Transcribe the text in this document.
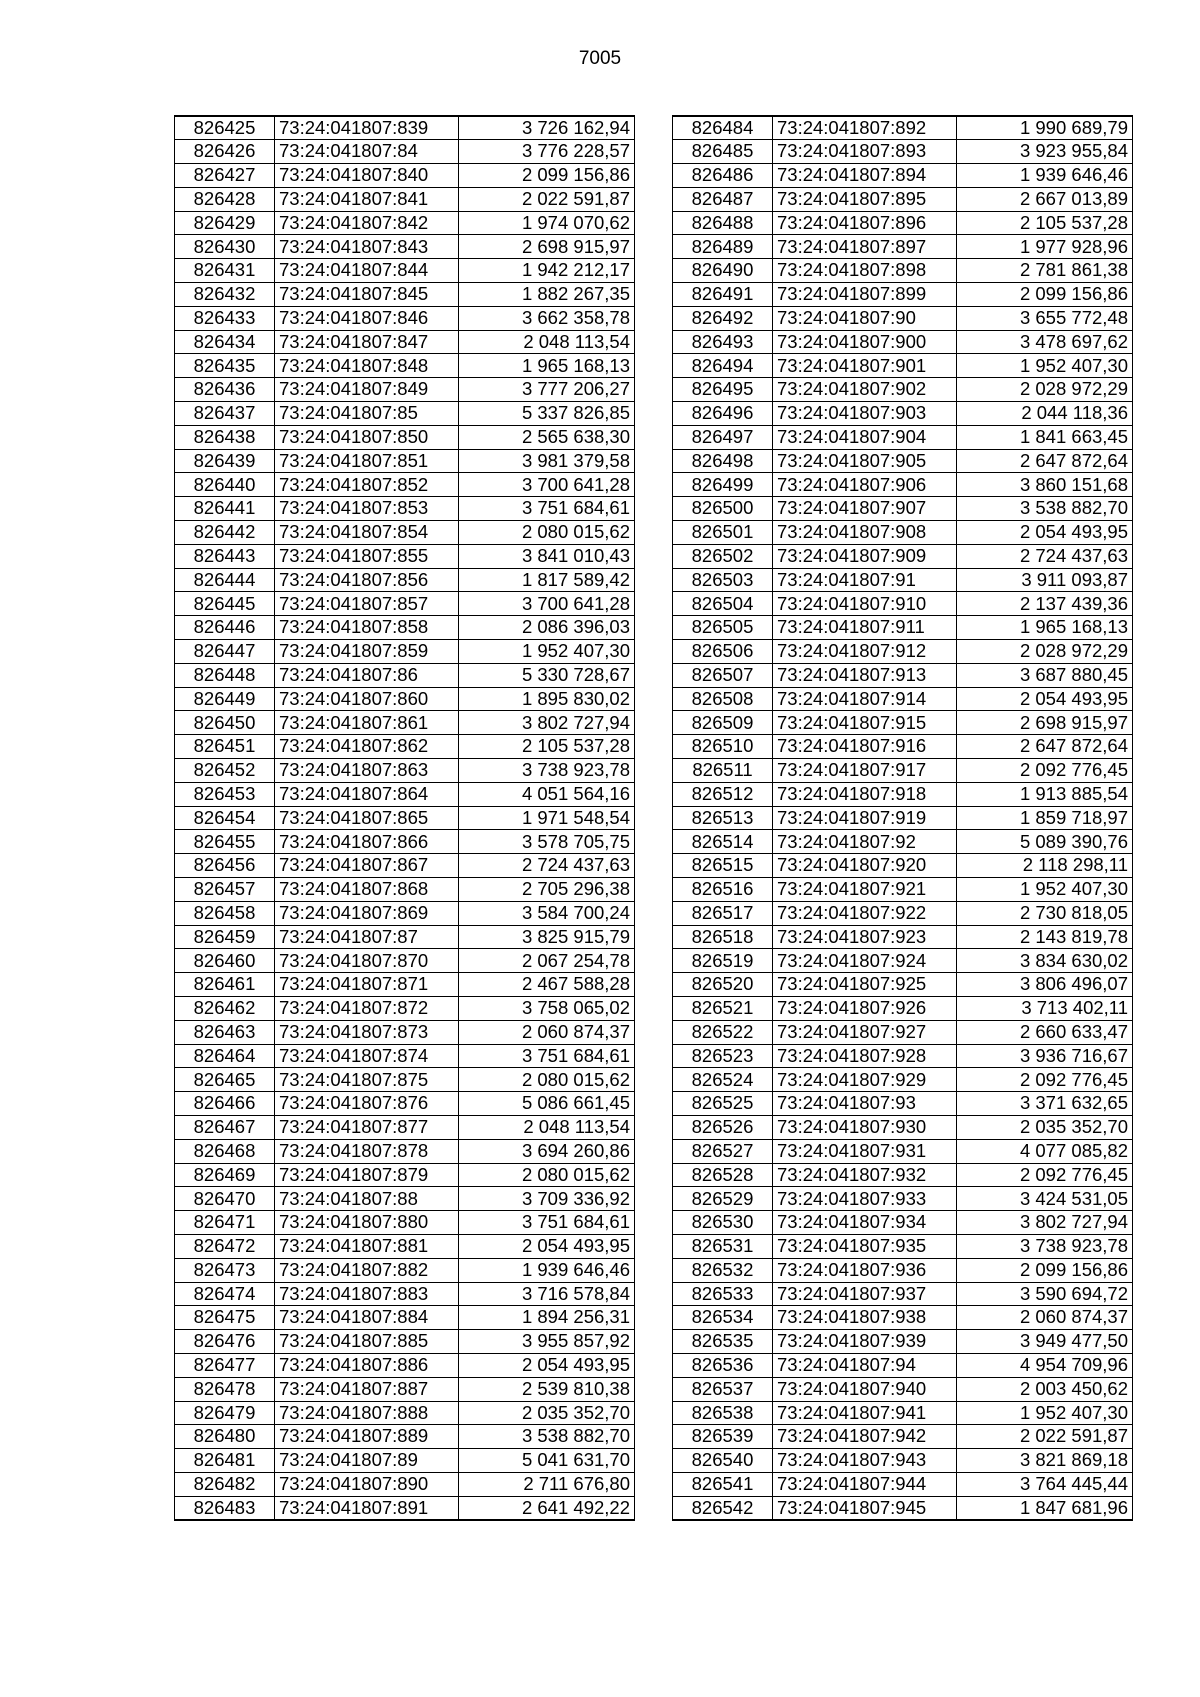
7005
826425	73:24:041807:839	3 726 162,94
826426	73:24:041807:84	3 776 228,57
826427	73:24:041807:840	2 099 156,86
826428	73:24:041807:841	2 022 591,87
826429	73:24:041807:842	1 974 070,62
826430	73:24:041807:843	2 698 915,97
826431	73:24:041807:844	1 942 212,17
826432	73:24:041807:845	1 882 267,35
826433	73:24:041807:846	3 662 358,78
826434	73:24:041807:847	2 048 113,54
826435	73:24:041807:848	1 965 168,13
826436	73:24:041807:849	3 777 206,27
826437	73:24:041807:85	5 337 826,85
826438	73:24:041807:850	2 565 638,30
826439	73:24:041807:851	3 981 379,58
826440	73:24:041807:852	3 700 641,28
826441	73:24:041807:853	3 751 684,61
826442	73:24:041807:854	2 080 015,62
826443	73:24:041807:855	3 841 010,43
826444	73:24:041807:856	1 817 589,42
826445	73:24:041807:857	3 700 641,28
826446	73:24:041807:858	2 086 396,03
826447	73:24:041807:859	1 952 407,30
826448	73:24:041807:86	5 330 728,67
826449	73:24:041807:860	1 895 830,02
826450	73:24:041807:861	3 802 727,94
826451	73:24:041807:862	2 105 537,28
826452	73:24:041807:863	3 738 923,78
826453	73:24:041807:864	4 051 564,16
826454	73:24:041807:865	1 971 548,54
826455	73:24:041807:866	3 578 705,75
826456	73:24:041807:867	2 724 437,63
826457	73:24:041807:868	2 705 296,38
826458	73:24:041807:869	3 584 700,24
826459	73:24:041807:87	3 825 915,79
826460	73:24:041807:870	2 067 254,78
826461	73:24:041807:871	2 467 588,28
826462	73:24:041807:872	3 758 065,02
826463	73:24:041807:873	2 060 874,37
826464	73:24:041807:874	3 751 684,61
826465	73:24:041807:875	2 080 015,62
826466	73:24:041807:876	5 086 661,45
826467	73:24:041807:877	2 048 113,54
826468	73:24:041807:878	3 694 260,86
826469	73:24:041807:879	2 080 015,62
826470	73:24:041807:88	3 709 336,92
826471	73:24:041807:880	3 751 684,61
826472	73:24:041807:881	2 054 493,95
826473	73:24:041807:882	1 939 646,46
826474	73:24:041807:883	3 716 578,84
826475	73:24:041807:884	1 894 256,31
826476	73:24:041807:885	3 955 857,92
826477	73:24:041807:886	2 054 493,95
826478	73:24:041807:887	2 539 810,38
826479	73:24:041807:888	2 035 352,70
826480	73:24:041807:889	3 538 882,70
826481	73:24:041807:89	5 041 631,70
826482	73:24:041807:890	2 711 676,80
826483	73:24:041807:891	2 641 492,22
826484	73:24:041807:892	1 990 689,79
826485	73:24:041807:893	3 923 955,84
826486	73:24:041807:894	1 939 646,46
826487	73:24:041807:895	2 667 013,89
826488	73:24:041807:896	2 105 537,28
826489	73:24:041807:897	1 977 928,96
826490	73:24:041807:898	2 781 861,38
826491	73:24:041807:899	2 099 156,86
826492	73:24:041807:90	3 655 772,48
826493	73:24:041807:900	3 478 697,62
826494	73:24:041807:901	1 952 407,30
826495	73:24:041807:902	2 028 972,29
826496	73:24:041807:903	2 044 118,36
826497	73:24:041807:904	1 841 663,45
826498	73:24:041807:905	2 647 872,64
826499	73:24:041807:906	3 860 151,68
826500	73:24:041807:907	3 538 882,70
826501	73:24:041807:908	2 054 493,95
826502	73:24:041807:909	2 724 437,63
826503	73:24:041807:91	3 911 093,87
826504	73:24:041807:910	2 137 439,36
826505	73:24:041807:911	1 965 168,13
826506	73:24:041807:912	2 028 972,29
826507	73:24:041807:913	3 687 880,45
826508	73:24:041807:914	2 054 493,95
826509	73:24:041807:915	2 698 915,97
826510	73:24:041807:916	2 647 872,64
826511	73:24:041807:917	2 092 776,45
826512	73:24:041807:918	1 913 885,54
826513	73:24:041807:919	1 859 718,97
826514	73:24:041807:92	5 089 390,76
826515	73:24:041807:920	2 118 298,11
826516	73:24:041807:921	1 952 407,30
826517	73:24:041807:922	2 730 818,05
826518	73:24:041807:923	2 143 819,78
826519	73:24:041807:924	3 834 630,02
826520	73:24:041807:925	3 806 496,07
826521	73:24:041807:926	3 713 402,11
826522	73:24:041807:927	2 660 633,47
826523	73:24:041807:928	3 936 716,67
826524	73:24:041807:929	2 092 776,45
826525	73:24:041807:93	3 371 632,65
826526	73:24:041807:930	2 035 352,70
826527	73:24:041807:931	4 077 085,82
826528	73:24:041807:932	2 092 776,45
826529	73:24:041807:933	3 424 531,05
826530	73:24:041807:934	3 802 727,94
826531	73:24:041807:935	3 738 923,78
826532	73:24:041807:936	2 099 156,86
826533	73:24:041807:937	3 590 694,72
826534	73:24:041807:938	2 060 874,37
826535	73:24:041807:939	3 949 477,50
826536	73:24:041807:94	4 954 709,96
826537	73:24:041807:940	2 003 450,62
826538	73:24:041807:941	1 952 407,30
826539	73:24:041807:942	2 022 591,87
826540	73:24:041807:943	3 821 869,18
826541	73:24:041807:944	3 764 445,44
826542	73:24:041807:945	1 847 681,96
